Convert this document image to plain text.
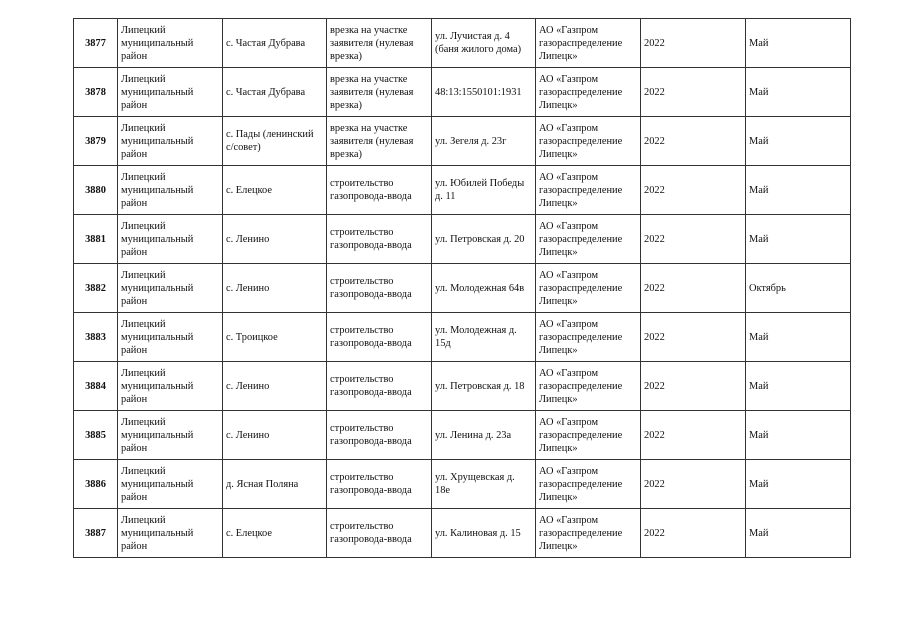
3877	Липецкий муниципальный район	с. Частая Дубрава	врезка на участке заявителя (нулевая врезка)	ул. Лучистая д. 4 (баня жилого дома)	АО «Газпром газораспределение Липецк»	2022	Май
3878	Липецкий муниципальный район	с. Частая Дубрава	врезка на участке заявителя (нулевая врезка)	48:13:1550101:1931	АО «Газпром газораспределение Липецк»	2022	Май
3879	Липецкий муниципальный район	с. Пады (ленинский с/совет)	врезка на участке заявителя (нулевая врезка)	ул. Зегеля д. 23г	АО «Газпром газораспределение Липецк»	2022	Май
3880	Липецкий муниципальный район	с. Елецкое	строительство газопровода-ввода	ул. Юбилей Победы д. 11	АО «Газпром газораспределение Липецк»	2022	Май
3881	Липецкий муниципальный район	с. Ленино	строительство газопровода-ввода	ул. Петровская д. 20	АО «Газпром газораспределение Липецк»	2022	Май
3882	Липецкий муниципальный район	с. Ленино	строительство газопровода-ввода	ул. Молодежная 64в	АО «Газпром газораспределение Липецк»	2022	Октябрь
3883	Липецкий муниципальный район	с. Троицкое	строительство газопровода-ввода	ул. Молодежная д. 15д	АО «Газпром газораспределение Липецк»	2022	Май
3884	Липецкий муниципальный район	с. Ленино	строительство газопровода-ввода	ул. Петровская д. 18	АО «Газпром газораспределение Липецк»	2022	Май
3885	Липецкий муниципальный район	с. Ленино	строительство газопровода-ввода	ул. Ленина д. 23а	АО «Газпром газораспределение Липецк»	2022	Май
3886	Липецкий муниципальный район	д. Ясная Поляна	строительство газопровода-ввода	ул. Хрущевская д. 18е	АО «Газпром газораспределение Липецк»	2022	Май
3887	Липецкий муниципальный район	с. Елецкое	строительство газопровода-ввода	ул. Калиновая д. 15	АО «Газпром газораспределение Липецк»	2022	Май
